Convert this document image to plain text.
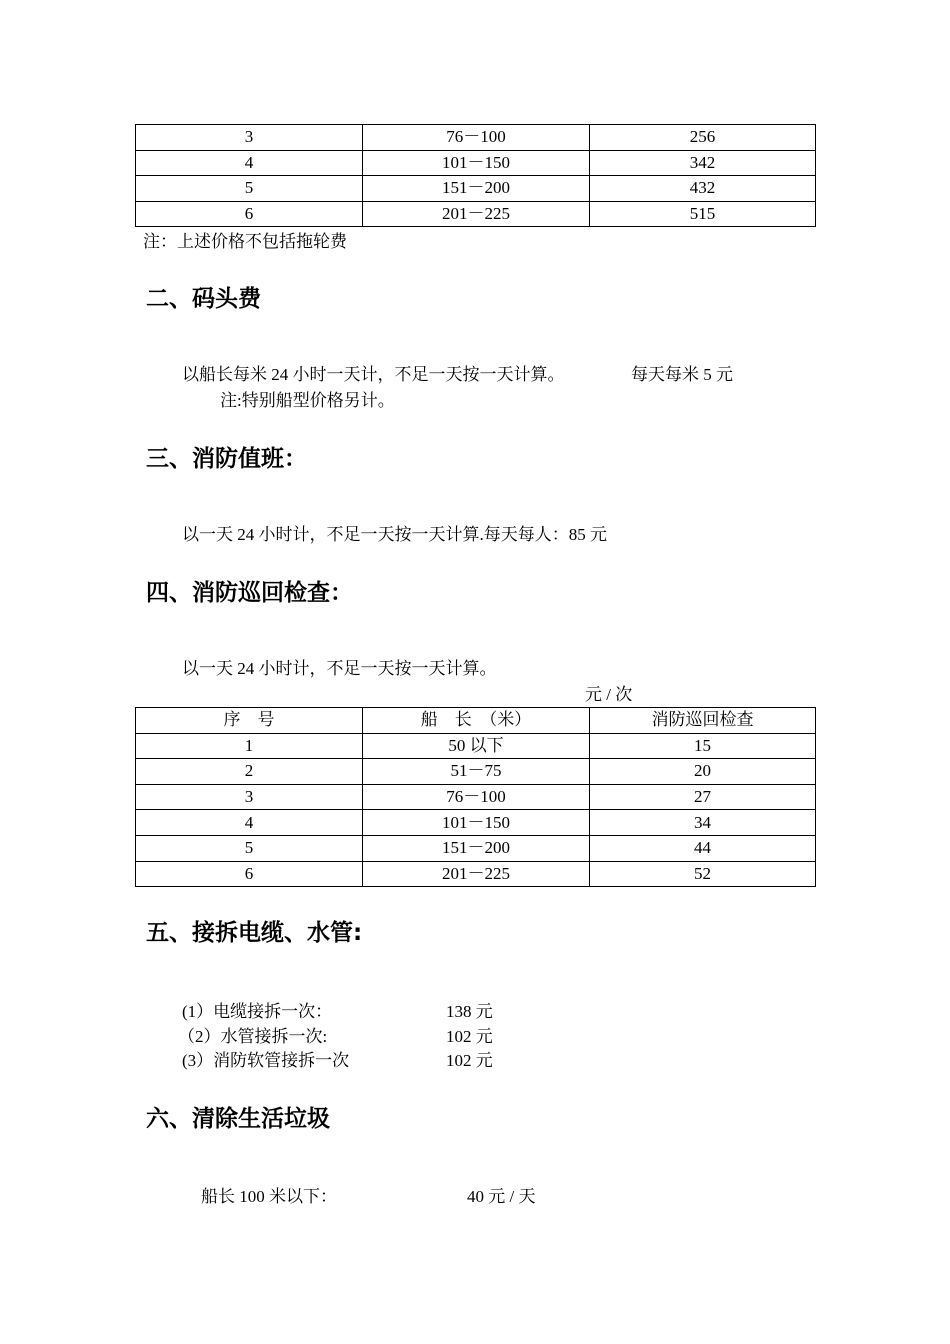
3	76－100	256
4	101－150	342
5	151－200	432
6	201－225	515
注：上述价格不包括拖轮费
二、码头费
以船长每米 24 小时一天计，不足一天按一天计算。	每天每米 5 元
注:特别船型价格另计。
三、消防值班：
以一天 24 小时计，不足一天按一天计算.每天每人：85 元
四、消防巡回检查：
以一天 24 小时计，不足一天按一天计算。
元 / 次
序　号	船　长　（米）	消防巡回检查
1	50 以下	15
2	51－75	20
3	76－100	27
4	101－150	34
5	151－200	44
6	201－225	52
五、接拆电缆、水管:
(1）电缆接拆一次：	138 元
（2）水管接拆一次:	102 元
(3）消防软管接拆一次	102 元
六、清除生活垃圾
船长 100 米以下：	40 元 / 天
